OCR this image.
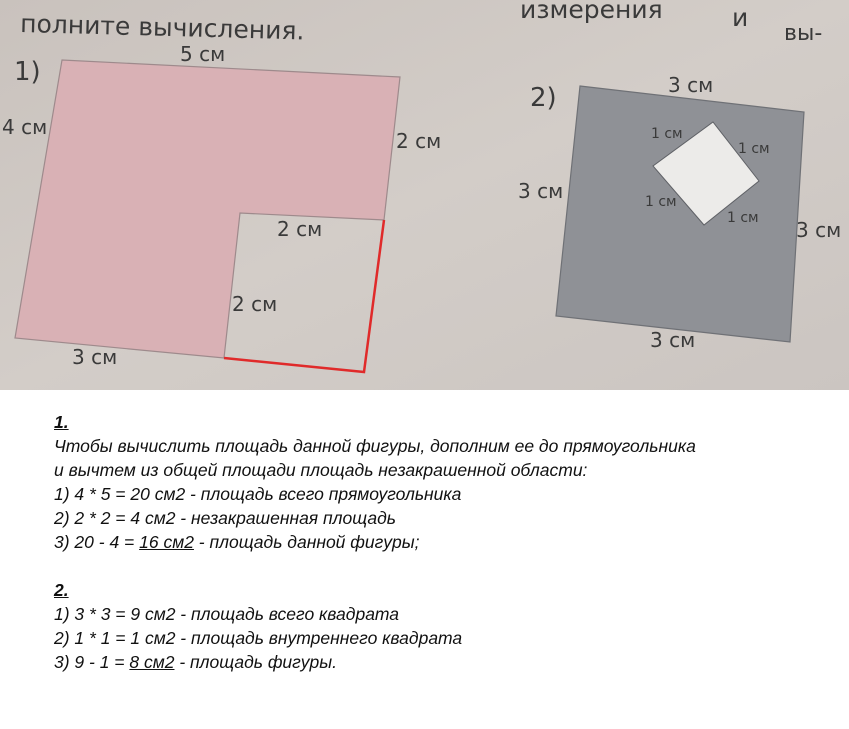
полните вычисления.	измерения	и
вы-
1)
5 см
4 см
2 см
2 см
2 см
3 см
2)	3 см
3 см
3 см
3 см
1 см
1 см
1 см
1 см
1.
Чтобы вычислить площадь данной фигуры, дополним ее до прямоугольника
и вычтем из общей площади площадь незакрашенной области:
1) 4 * 5 = 20 см2 - площадь всего прямоугольника
2) 2 * 2 = 4 см2 - незакрашенная площадь
3) 20 - 4 = 16 см2 - площадь данной фигуры;
2.
1) 3 * 3 = 9 см2 - площадь всего квадрата
2) 1 * 1 = 1 см2 - площадь внутреннего квадрата
3) 9 - 1 = 8 см2 - площадь фигуры.
